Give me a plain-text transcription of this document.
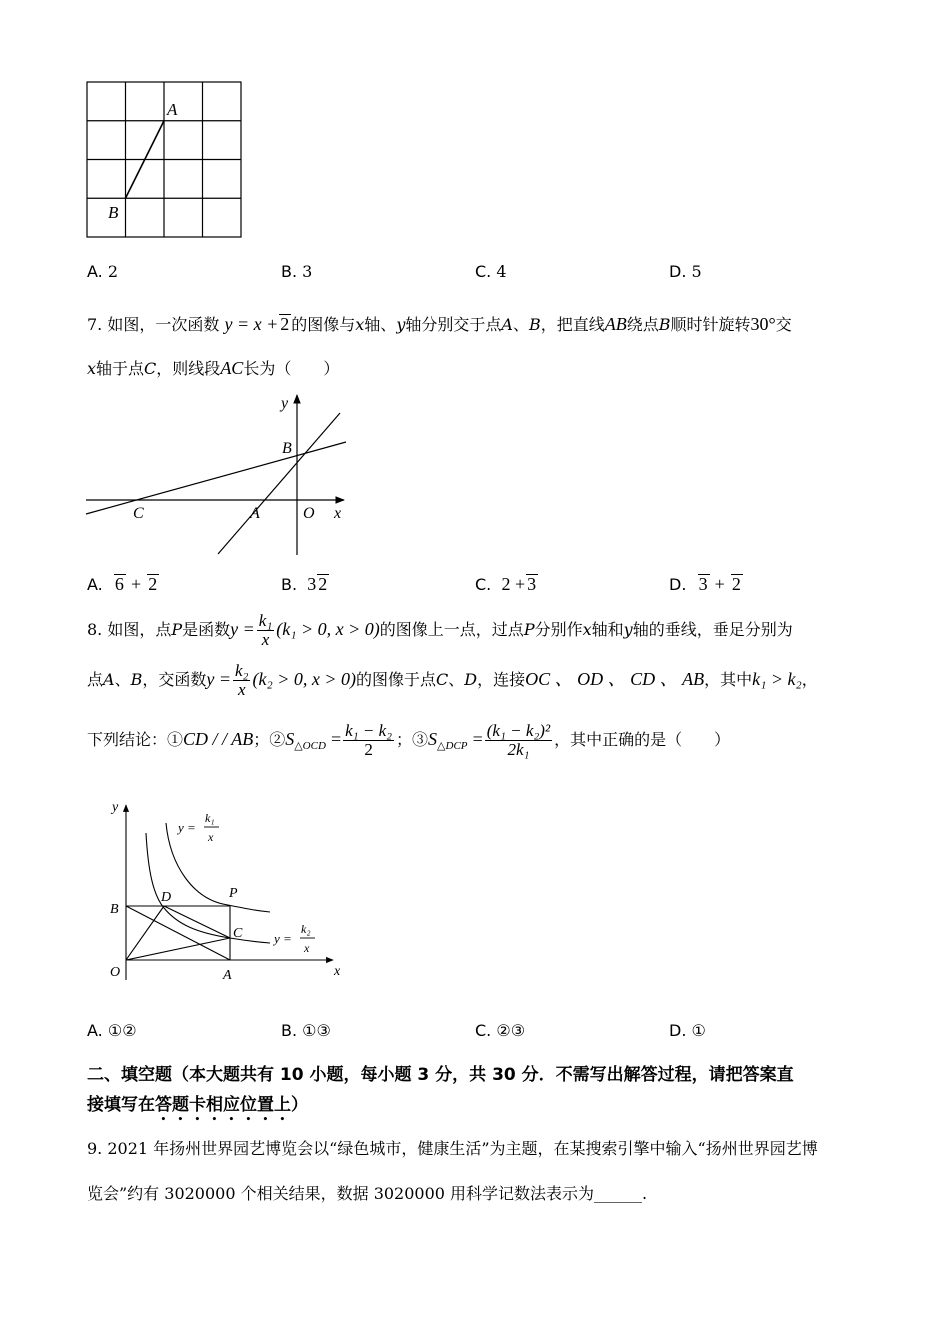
A
B
A. 2	B. 3	C. 4	D. 5
7. 如图，一次函数 y = x + 2 的图像与x轴、y轴分别交于点A、B，把直线AB绕点B顺时针旋转30°交
x轴于点C，则线段AC长为（　　）
y
B
C	A	O x
A. 6 + 2	B. 3 2	C. 2 + 3	D. 3 + 2
8. 如图，点P是函数$y = \frac{\text{k₁}}{x} (k_1 > 0$, x > 0)的图像上一点，过点P分别作x轴和y轴的垂线，垂足分别为
点A、B，交函数$y = \frac{\text{k₂}}{x} (k_2 > 0$, x > 0)的图像于点C、D，连接OC 、 OD 、 CD 、 AB，其中k₁ > k₂，
下列结论：①CD / / AB；$②S_{\triangle OCD} = \frac{\text{k₁ − k₂}}{2}$ ；$③S_{\triangle DCP} = \frac{\text{(k₁ − k₂)²}}{\text{2k₁}}$ ，其中正确的是（　　）
y
x
O	A
B
C
D	P
y =
k₁
x
y =
k₂
x
A. ①②	B. ①③	C. ②③	D. ①
二、填空题（本大题共有 10 小题，每小题 3 分，共 30 分．不需写出解答过程，请把答案直
接填写在答题卡相应位置上）
9. 2021 年扬州世界园艺博览会以“绿色城市，健康生活”为主题，在某搜索引擎中输入“扬州世界园艺博
览会”约有 3020000 个相关结果，数据 3020000 用科学记数法表示为______.
